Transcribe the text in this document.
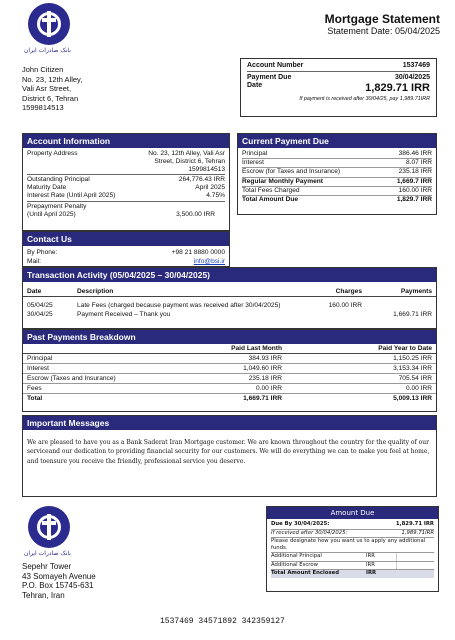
بانک صادرات ایران
Mortgage Statement
Statement Date: 05/04/2025
John Citizen
No. 23, 12th Alley,
Vali Asr Street,
District 6, Tehran
1599814513
Account Number	1537469
Payment Due	30/04/2025
Date	1,829.71 IRR
If payment is received after 30/04/25, pay 1,989.71IRR
Account Information
Property Address	No. 23, 12th Alley, Vali Asr
Street, District 6, Tehran
1599814513
Outstanding Principal	264,776.43 IRR
Maturity Date	April 2025
Interest Rate (Until April 2025)	4.75%
Prepayment Penalty
(Until April 2025)	3,500.00 IRR
Contact Us
By Phone:	+98 21 8880 0000
Mail:	info@bsi.ir
Current Payment Due
Principal	386.46 IRR
Interest	8.07 IRR
Escrow (for Taxes and Insurance)	235.18 IRR
Regular Monthly Payment	1,669.7 IRR
Total Fees Charged	160.00 IRR
Total Amount Due	1,829.7 IRR
Transaction Activity (05/04/2025 – 30/04/2025)
Date	Description	Charges	Payments

05/04/25	Late Fees (charged because payment was received after 30/04/2025)	160.00 IRR	
30/04/25	Payment Received – Thank you		1,669.71 IRR
Past Payments Breakdown
	Paid Last Month	Paid Year to Date
Principal	384.93 IRR	1,150.25 IRR
Interest	1,049.60 IRR	3,153.34 IRR
Escrow (Taxes and Insurance)	235.18 IRR	705.54 IRR
Fees	0.00 IRR	0.00 IRR
Total	1,669.71 IRR	5,009.13 IRR
Important Messages
We are pleased to have you as a Bank Saderat Iran Mortgage customer. We are known throughout the country for the quality of our serviceand our dedication to providing financial security for our customers. We will do everything we can to make you feel at home, and toensure you receive the friendly, professional service you deserve.
بانک صادرات ایران
Sepehr Tower
43 Somayeh Avenue
P.O. Box 15745-631
Tehran, Iran
Amount Due
Due By 30/04/2025:	1,829.71 IRR
If received after 30/04/2025:	1,989.71IRR
Please designate how you want us to apply any additional funds.
Additional Principal	IRR
Additional Escrow	IRR
Total Amount Enclosed	IRR
1537469 34571892 342359127
